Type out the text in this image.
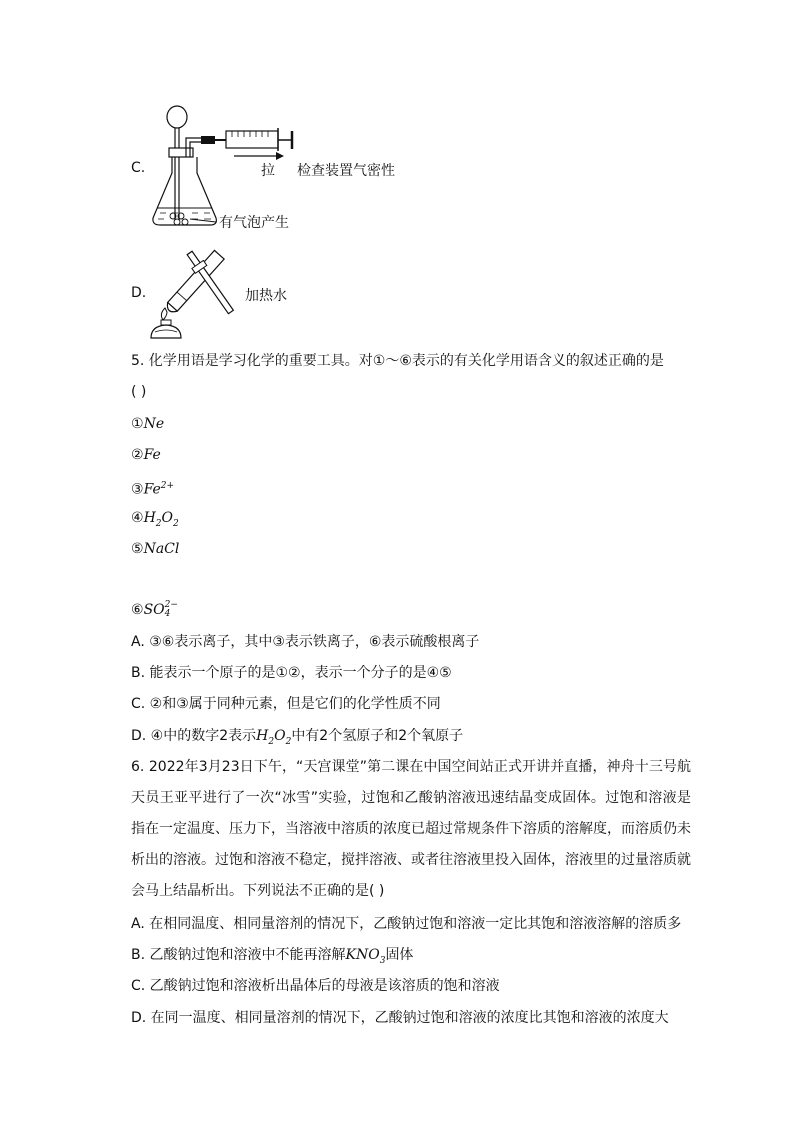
C.	拉 检查装置气密性
有气泡产生
D.	加热水
5. 化学用语是学习化学的重要工具。对①～⑥表示的有关化学用语含义的叙述正确的是
( )
①Ne
②Fe
$③Fe^{2+}$
$④H_2O_2$
⑤NaCl
⑥SO 2−
4
A. ③⑥表示离子，其中③表示铁离子，⑥表示硫酸根离子
B. 能表示一个原子的是①②，表示一个分子的是④⑤
C. ②和③属于同种元素，但是它们的化学性质不同
D. ④中的数字2表示$H_2O_2$中有2个氢原子和2个氧原子
6. 2022年3月23日下午，“天宫课堂”第二课在中国空间站正式开讲并直播，神舟十三号航天员王亚平进行了一次“冰雪”实验，过饱和乙酸钠溶液迅速结晶变成固体。过饱和溶液是指在一定温度、压力下，当溶液中溶质的浓度已超过常规条件下溶质的溶解度，而溶质仍未析出的溶液。过饱和溶液不稳定，搅拌溶液、或者往溶液里投入固体，溶液里的过量溶质就会马上结晶析出。下列说法不正确的是( )
A. 在相同温度、相同量溶剂的情况下，乙酸钠过饱和溶液一定比其饱和溶液溶解的溶质多
B. 乙酸钠过饱和溶液中不能再溶解$KNO_3$固体
C. 乙酸钠过饱和溶液析出晶体后的母液是该溶质的饱和溶液
D. 在同一温度、相同量溶剂的情况下，乙酸钠过饱和溶液的浓度比其饱和溶液的浓度大
